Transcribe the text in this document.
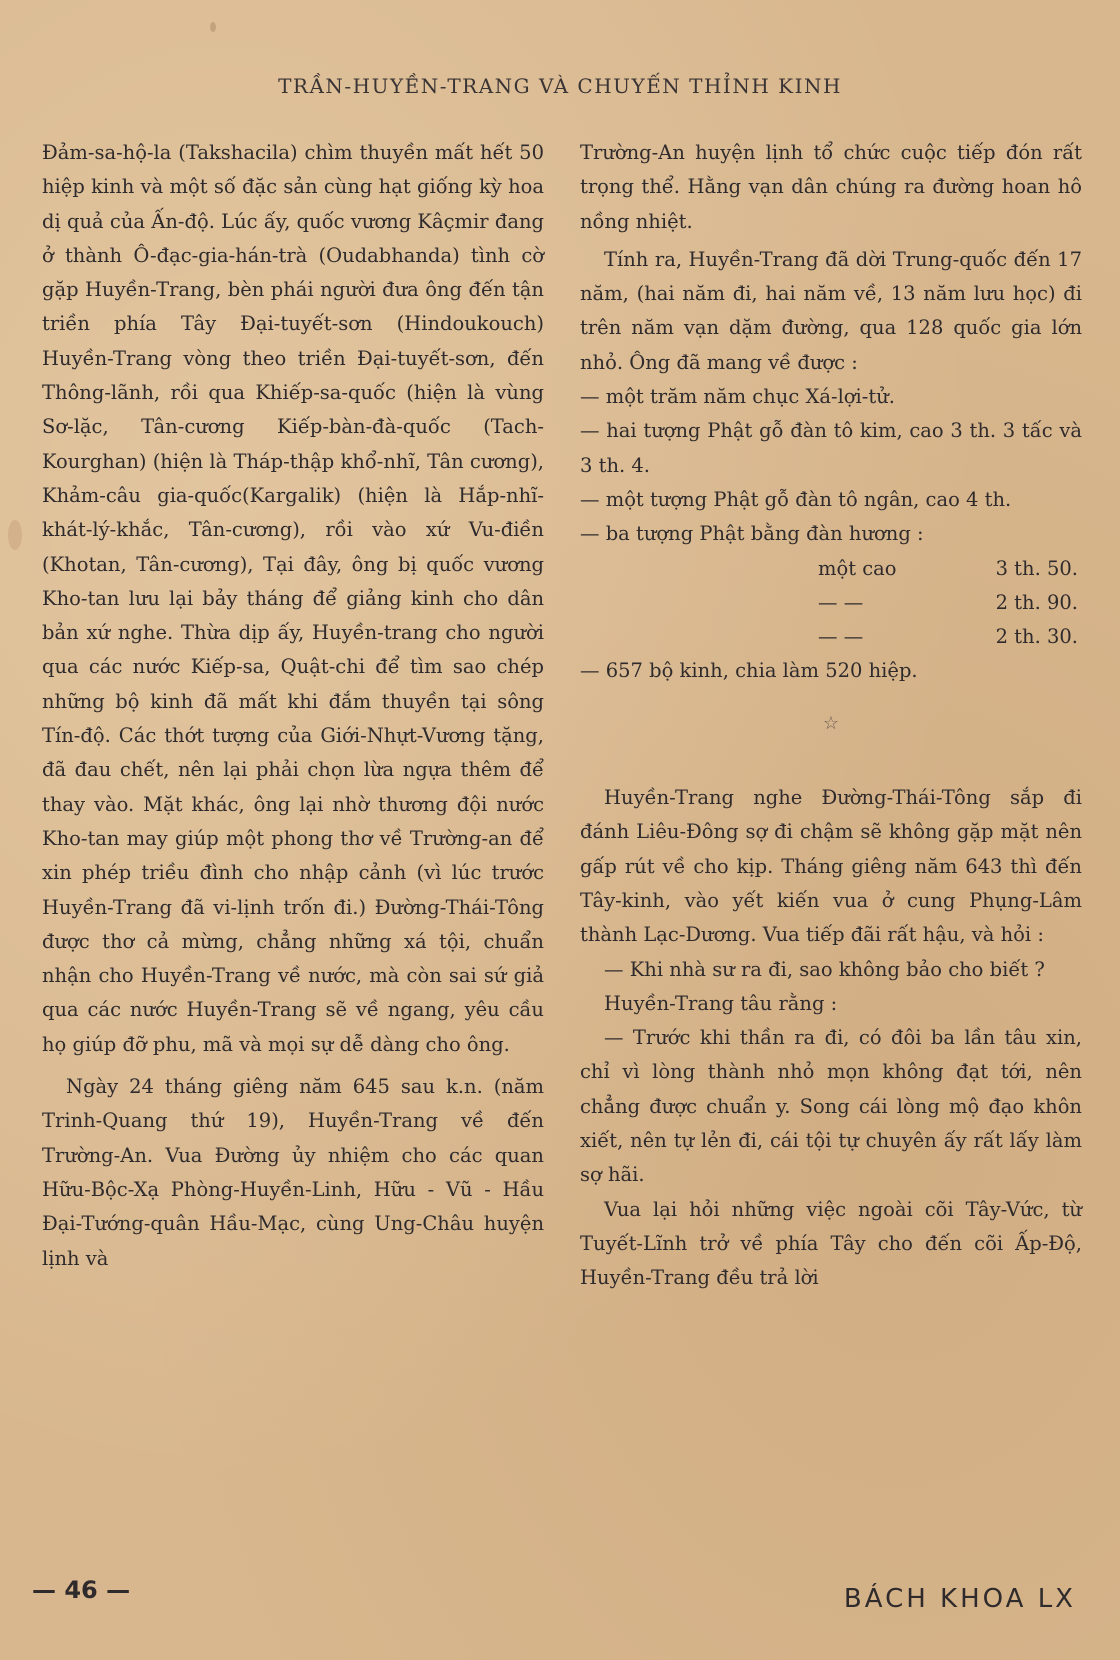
TRẦN-HUYỀN-TRANG VÀ CHUYẾN THỈNH KINH

Đảm-sa-hộ-la (Takshacila) chìm thuyền mất hết 50 hiệp kinh và một số đặc sản cùng hạt giống kỳ hoa dị quả của Ấn-độ. Lúc ấy, quốc vương Kâçmir đang ở thành Ô-đạc-gia-hán-trà (Oudabhanda) tình cờ gặp Huyền-Trang, bèn phái người đưa ông đến tận triền phía Tây Đại-tuyết-sơn (Hindoukouch) Huyền-Trang vòng theo triền Đại-tuyết-sơn, đến Thông-lãnh, rồi qua Khiếp-sa-quốc (hiện là vùng Sơ-lặc, Tân-cương Kiếp-bàn-đà-quốc (Tach-Kourghan) (hiện là Tháp-thập khổ-nhĩ, Tân cương), Khảm-câu gia-quốc(Kargalik) (hiện là Hắp-nhĩ-khát-lý-khắc, Tân-cương), rồi vào xứ Vu-điền (Khotan, Tân-cương), Tại đây, ông bị quốc vương Kho-tan lưu lại bảy tháng để giảng kinh cho dân bản xứ nghe. Thừa dịp ấy, Huyền-trang cho người qua các nước Kiếp-sa, Quật-chi để tìm sao chép những bộ kinh đã mất khi đắm thuyền tại sông Tín-độ. Các thớt tượng của Giới-Nhựt-Vương tặng, đã đau chết, nên lại phải chọn lừa ngựa thêm để thay vào. Mặt khác, ông lại nhờ thương đội nước Kho-tan may giúp một phong thơ về Trường-an để xin phép triều đình cho nhập cảnh (vì lúc trước Huyền-Trang đã vi-lịnh trốn đi.) Đường-Thái-Tông được thơ cả mừng, chẳng những xá tội, chuẩn nhận cho Huyền-Trang về nước, mà còn sai sứ giả qua các nước Huyền-Trang sẽ về ngang, yêu cầu họ giúp đỡ phu, mã và mọi sự dễ dàng cho ông.

Ngày 24 tháng giêng năm 645 sau k.n. (năm Trinh-Quang thứ 19), Huyền-Trang về đến Trường-An. Vua Đường ủy nhiệm cho các quan Hữu-Bộc-Xạ Phòng-Huyền-Linh, Hữu - Vũ - Hầu Đại-Tướng-quân Hầu-Mạc, cùng Ung-Châu huyện lịnh và

Trường-An huyện lịnh tổ chức cuộc tiếp đón rất trọng thể. Hằng vạn dân chúng ra đường hoan hô nồng nhiệt.

Tính ra, Huyền-Trang đã dời Trung-quốc đến 17 năm, (hai năm đi, hai năm về, 13 năm lưu học) đi trên năm vạn dặm đường, qua 128 quốc gia lớn nhỏ. Ông đã mang về được :

— một trăm năm chục Xá-lợi-tử.

— hai tượng Phật gỗ đàn tô kim, cao 3 th. 3 tấc và 3 th. 4.

— một tượng Phật gỗ đàn tô ngân, cao 4 th.

— ba tượng Phật bằng đàn hương :

một cao	3 th. 50.
— —	2 th. 90.
— —	2 th. 30.

— 657 bộ kinh, chia làm 520 hiệp.

☆

Huyền-Trang nghe Đường-Thái-Tông sắp đi đánh Liêu-Đông sợ đi chậm sẽ không gặp mặt nên gấp rút về cho kịp. Tháng giêng năm 643 thì đến Tây-kinh, vào yết kiến vua ở cung Phụng-Lâm thành Lạc-Dương. Vua tiếp đãi rất hậu, và hỏi :

— Khi nhà sư ra đi, sao không bảo cho biết ?

Huyền-Trang tâu rằng :

— Trước khi thần ra đi, có đôi ba lần tâu xin, chỉ vì lòng thành nhỏ mọn không đạt tới, nên chẳng được chuẩn y. Song cái lòng mộ đạo khôn xiết, nên tự lẻn đi, cái tội tự chuyên ấy rất lấy làm sợ hãi.

Vua lại hỏi những việc ngoài cõi Tây-Vức, từ Tuyết-Lĩnh trở về phía Tây cho đến cõi Ấp-Độ, Huyền-Trang đều trả lời

— 46 —	BÁCH KHOA LX
